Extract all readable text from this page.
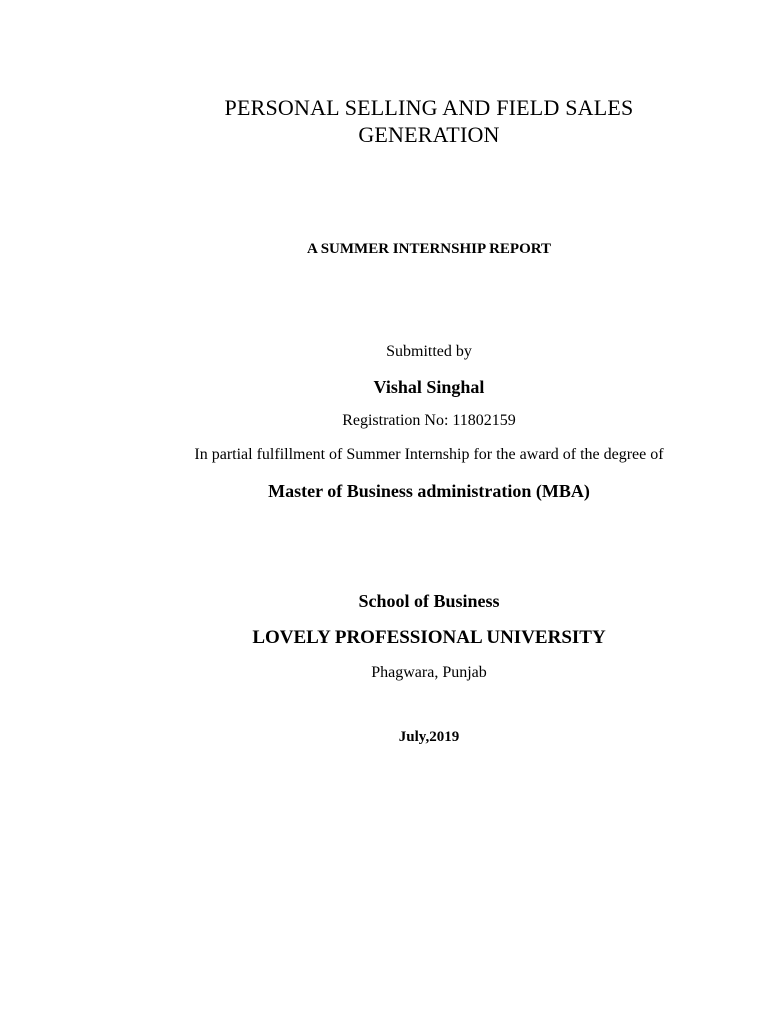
PERSONAL SELLING AND FIELD SALES
GENERATION
A SUMMER INTERNSHIP REPORT
Submitted by
Vishal Singhal
Registration No: 11802159
In partial fulfillment of Summer Internship for the award of the degree of
Master of Business administration (MBA)
School of Business
LOVELY PROFESSIONAL UNIVERSITY
Phagwara, Punjab
July,2019
